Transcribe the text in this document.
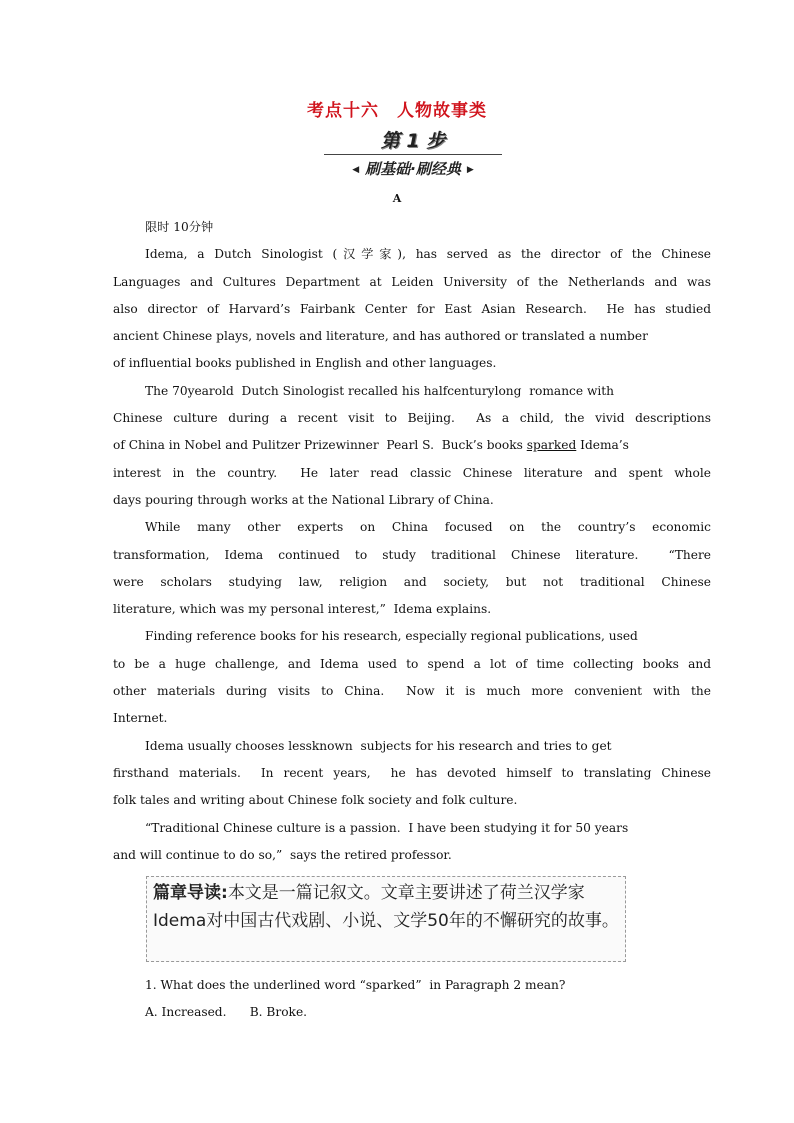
考点十六　人物故事类
第 1 步
◀ 刷基础·刷经典 ▶
A
限时 10分钟
Idema, a Dutch Sinologist (汉学家), has served as the director of the Chinese
Languages and Cultures Department at Leiden University of the Netherlands and was
also director of Harvard’s Fairbank Center for East Asian Research.  He has studied
ancient Chinese plays, novels and literature, and has authored or translated a number
of influential books published in English and other languages.
The 70yearold  Dutch Sinologist recalled his halfcenturylong  romance with
Chinese culture during a recent visit to Beijing.  As a child, the vivid descriptions
of China in Nobel and Pulitzer Prizewinner  Pearl S.  Buck’s books sparked Idema’s
interest in the country.  He later read classic Chinese literature and spent whole
days pouring through works at the National Library of China.
While many other experts on China focused on the country’s economic
transformation, Idema continued to study traditional Chinese literature.  “There
were scholars studying law, religion and society, but not traditional Chinese
literature, which was my personal interest,”  Idema explains.
Finding reference books for his research, especially regional publications, used
to be a huge challenge, and Idema used to spend a lot of time collecting books and
other materials during visits to China.  Now it is much more convenient with the
Internet.
Idema usually chooses lessknown  subjects for his research and tries to get
firsthand materials.  In recent years,  he has devoted himself to translating Chinese
folk tales and writing about Chinese folk society and folk culture.
“Traditional Chinese culture is a passion.  I have been studying it for 50 years
and will continue to do so,”  says the retired professor.
篇章导读:本文是一篇记叙文。文章主要讲述了荷兰汉学家Idema对中国古代戏剧、小说、文学50年的不懈研究的故事。
1. What does the underlined word “sparked”  in Paragraph 2 mean?
A. Increased.      B. Broke.
